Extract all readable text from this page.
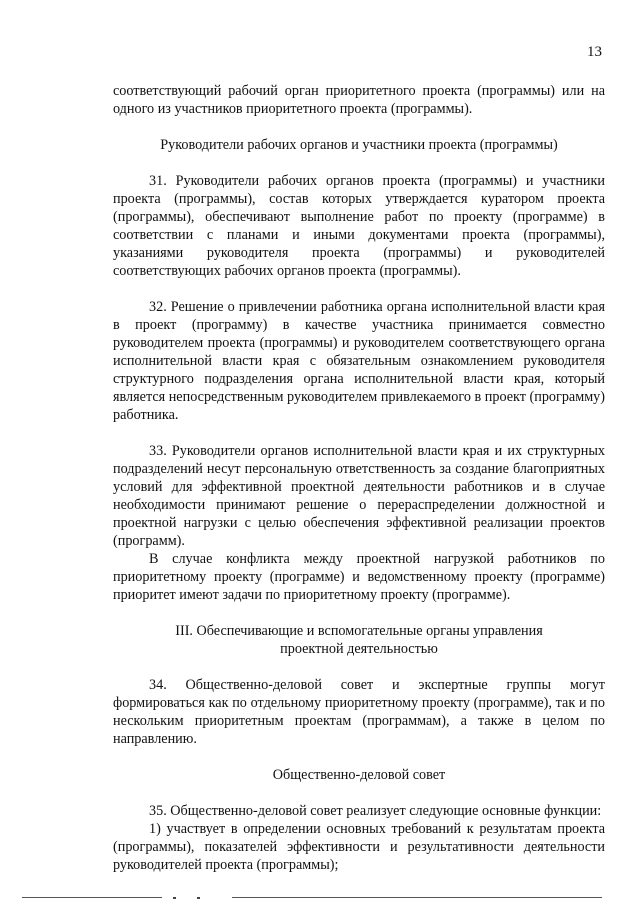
13

соответствующий рабочий орган приоритетного проекта (программы) или на одного из участников приоритетного проекта (программы).

Руководители рабочих органов и участники проекта (программы)

31. Руководители рабочих органов проекта (программы) и участники проекта (программы), состав которых утверждается куратором проекта (программы), обеспечивают выполнение работ по проекту (программе) в соответствии с планами и иными документами проекта (программы), указаниями руководителя проекта (программы) и руководителей соответствующих рабочих органов проекта (программы).

32. Решение о привлечении работника органа исполнительной власти края в проект (программу) в качестве участника принимается совместно руководителем проекта (программы) и руководителем соответствующего органа исполнительной власти края с обязательным ознакомлением руководителя структурного подразделения органа исполнительной власти края, который является непосредственным руководителем привлекаемого в проект (программу) работника.

33. Руководители органов исполнительной власти края и их структурных подразделений несут персональную ответственность за создание благоприятных условий для эффективной проектной деятельности работников и в случае необходимости принимают решение о перераспределении должностной и проектной нагрузки с целью обеспечения эффективной реализации проектов (программ).

В случае конфликта между проектной нагрузкой работников по приоритетному проекту (программе) и ведомственному проекту (программе) приоритет имеют задачи по приоритетному проекту (программе).

III. Обеспечивающие и вспомогательные органы управления
проектной деятельностью

34. Общественно-деловой совет и экспертные группы могут формироваться как по отдельному приоритетному проекту (программе), так и по нескольким приоритетным проектам (программам), а также в целом по направлению.

Общественно-деловой совет

35. Общественно-деловой совет реализует следующие основные функции:

1) участвует в определении основных требований к результатам проекта (программы), показателей эффективности и результативности деятельности руководителей проекта (программы);
